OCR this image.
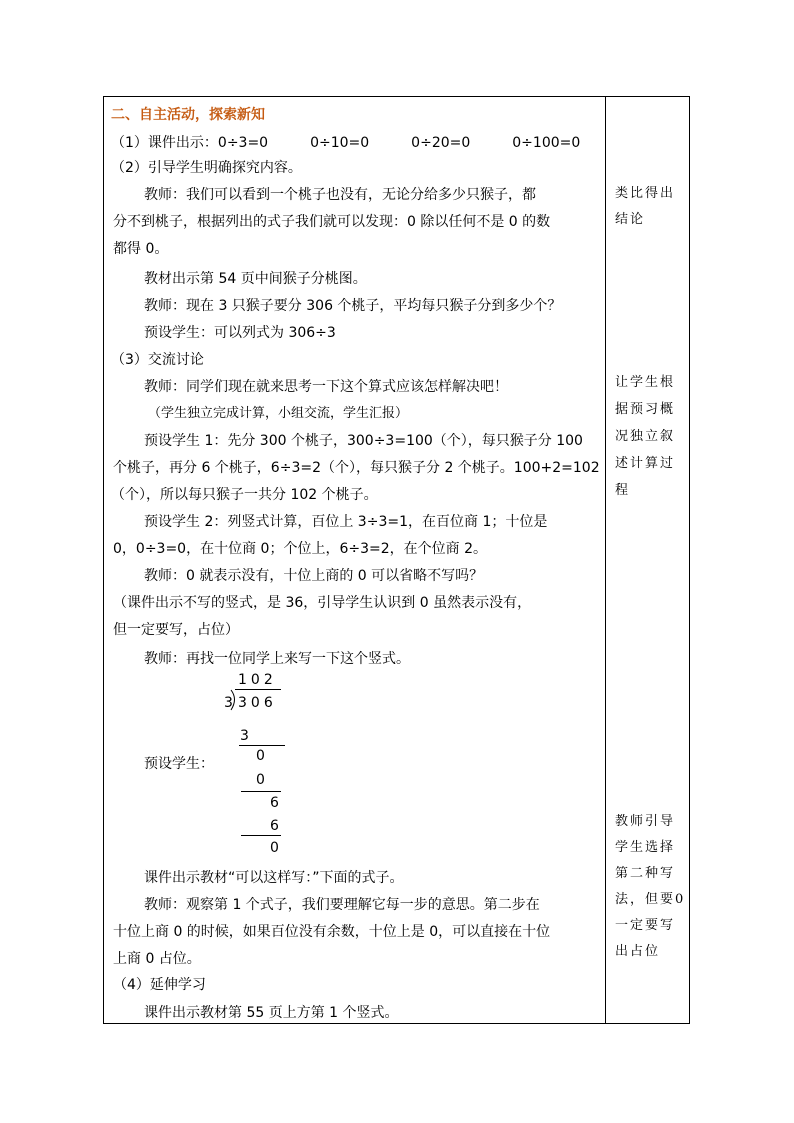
二、自主活动，探索新知
（1）课件出示：0÷3=0　　　0÷10=0　　　0÷20=0　　　0÷100=0
（2）引导学生明确探究内容。
教师：我们可以看到一个桃子也没有，无论分给多少只猴子，都
分不到桃子，根据列出的式子我们就可以发现：0 除以任何不是 0 的数
都得 0。
教材出示第 54 页中间猴子分桃图。
教师：现在 3 只猴子要分 306 个桃子，平均每只猴子分到多少个？
预设学生：可以列式为 306÷3
（3）交流讨论
教师：同学们现在就来思考一下这个算式应该怎样解决吧！
（学生独立完成计算，小组交流，学生汇报）
预设学生 1：先分 300 个桃子，300÷3=100（个），每只猴子分 100
个桃子，再分 6 个桃子，6÷3=2（个），每只猴子分 2 个桃子。100+2=102
（个），所以每只猴子一共分 102 个桃子。
预设学生 2：列竖式计算，百位上 3÷3=1，在百位商 1；十位是
0，0÷3=0，在十位商 0；个位上，6÷3=2，在个位商 2。
教师：0 就表示没有，十位上商的 0 可以省略不写吗？
（课件出示不写的竖式，是 36，引导学生认识到 0 虽然表示没有，
但一定要写，占位）
教师：再找一位同学上来写一下这个竖式。
102
3 306
3
0
0
6
6
0
预设学生：
课件出示教材“可以这样写：”下面的式子。
教师：观察第 1 个式子，我们要理解它每一步的意思。第二步在
十位上商 0 的时候，如果百位没有余数，十位上是 0，可以直接在十位
上商 0 占位。
（4）延伸学习
课件出示教材第 55 页上方第 1 个竖式。
类比得出
结论
让学生根
据预习概
况独立叙
述计算过
程
教师引导
学生选择
第二种写
法，但要0
一定要写
出占位
